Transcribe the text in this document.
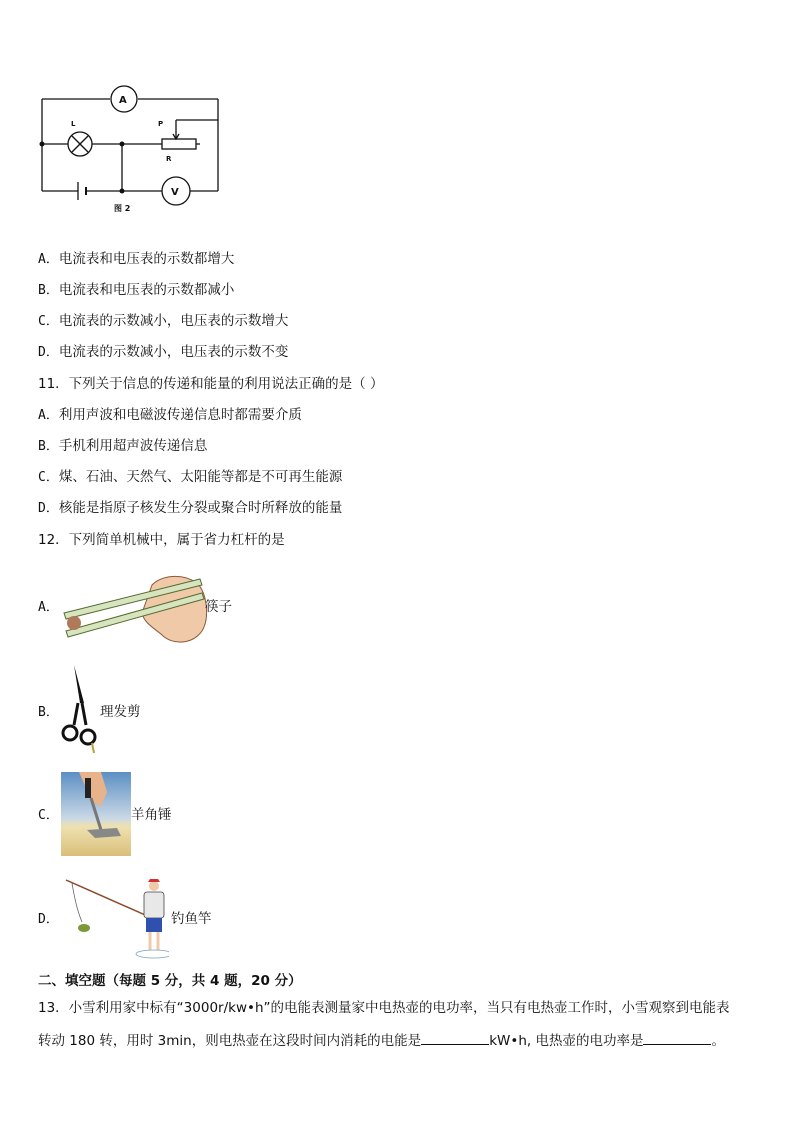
A
V
L	P
R
图 2
A．电流表和电压表的示数都增大
B．电流表和电压表的示数都减小
C．电流表的示数减小，电压表的示数增大
D．电流表的示数减小，电压表的示数不变
11．下列关于信息的传递和能量的利用说法正确的是（ ）
A．利用声波和电磁波传递信息时都需要介质
B．手机利用超声波传递信息
C．煤、石油、天然气、太阳能等都是不可再生能源
D．核能是指原子核发生分裂或聚合时所释放的能量
12．下列简单机械中，属于省力杠杆的是
A．	筷子
B．	理发剪
C．	羊角锤
D．	钓鱼竿
二、填空题（每题 5 分，共 4 题，20 分）
13．小雪利用家中标有“3000r/kw•h”的电能表测量家中电热壶的电功率，当只有电热壶工作时，小雪观察到电能表
转动 180 转，用时 3min，则电热壶在这段时间内消耗的电能是	kW•h, 电热壶的电功率是	。
